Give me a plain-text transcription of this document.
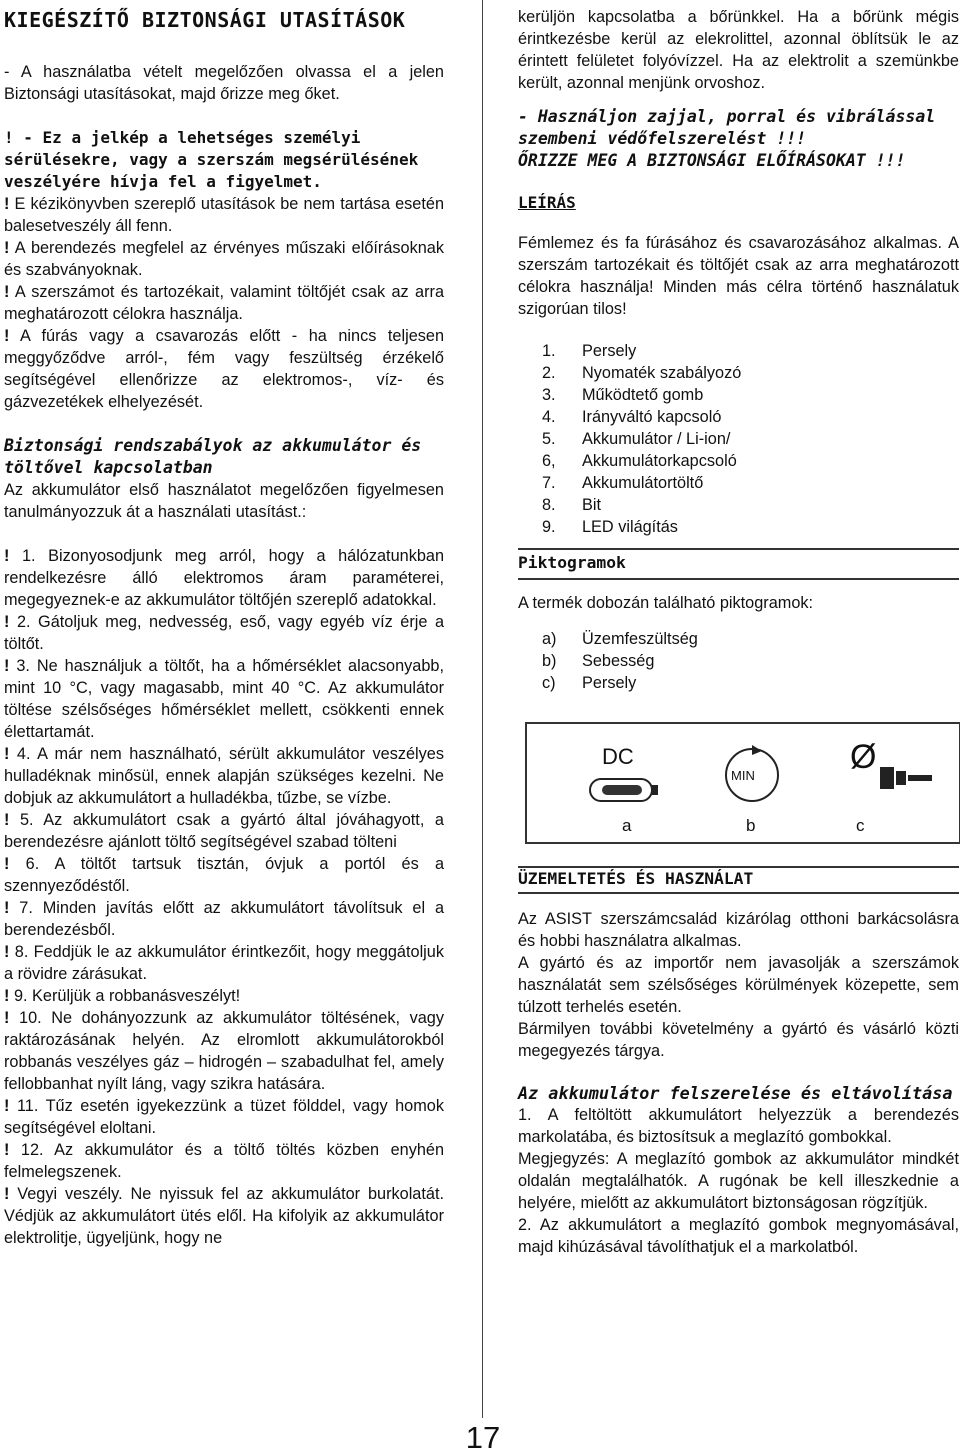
KIEGÉSZÍTŐ BIZTONSÁGI UTASÍTÁSOK

- A használatba vételt megelőzően olvassa el a jelen Biztonsági utasításokat, majd őrizze meg őket.

! - Ez a jelkép a lehetséges személyi sérülésekre, vagy a szerszám megsérülésének veszélyére hívja fel a figyelmet.

! E kézikönyvben szereplő utasítások be nem tartása esetén balesetveszély áll fenn.

! A berendezés megfelel az érvényes műszaki előírásoknak és szabványoknak.

! A szerszámot és tartozékait, valamint töltőjét csak az arra meghatározott célokra használja.

! A fúrás vagy a csavarozás előtt - ha nincs teljesen meggyőződve arról-, fém vagy feszültség érzékelő segítségével ellenőrizze az elektromos-, víz- és gázvezetékek elhelyezését.

Biztonsági rendszabályok az akkumulátor és töltővel kapcsolatban

Az akkumulátor első használatot megelőzően figyelmesen tanulmányozzuk át a használati utasítást.:

! 1. Bizonyosodjunk meg arról, hogy a hálózatunkban rendelkezésre álló elektromos áram paraméterei, megegyeznek-e az akkumulátor töltőjén szereplő adatokkal.

! 2. Gátoljuk meg, nedvesség, eső, vagy egyéb víz érje a töltőt.

! 3. Ne használjuk a töltőt, ha a hőmérséklet alacsonyabb, mint 10 °C, vagy magasabb, mint 40 °C. Az akkumulátor töltése szélsőséges hőmérséklet mellett, csökkenti ennek élettartamát.

! 4. A már nem használható, sérült akkumulátor veszélyes hulladéknak minősül, ennek alapján szükséges kezelni. Ne dobjuk az akkumulátort a hulladékba, tűzbe, se vízbe.

! 5. Az akkumulátort csak a gyártó által jóváhagyott, a berendezésre ajánlott töltő segítségével szabad tölteni

! 6. A töltőt tartsuk tisztán, óvjuk a portól és a szennyeződéstől.

! 7. Minden javítás előtt az akkumulátort távolítsuk el a berendezésből.

! 8. Feddjük le az akkumulátor érintkezőit, hogy meggátoljuk a rövidre zárásukat.

! 9. Kerüljük a robbanásveszélyt!

! 10. Ne dohányozzunk az akkumulátor töltésének, vagy raktározásának helyén. Az elromlott akkumulátorokból robbanás veszélyes gáz – hidrogén – szabadulhat fel, amely fellobbanhat nyílt láng, vagy szikra hatására.

! 11. Tűz esetén igyekezzünk a tüzet földdel, vagy homok segítségével eloltani.

! 12. Az akkumulátor és a töltő töltés közben enyhén felmelegszenek.

! Vegyi veszély. Ne nyissuk fel az akkumulátor burkolatát. Védjük az akkumulátort ütés elől. Ha kifolyik az akkumulátor elektrolitje, ügyeljünk, hogy ne

kerüljön kapcsolatba a bőrünkkel. Ha a bőrünk mégis érintkezésbe kerül az elekrolittel, azonnal öblítsük le az érintett felületet folyóvízzel. Ha az elektrolit a szemünkbe került, azonnal menjünk orvoshoz.

- Használjon zajjal, porral és vibrálással szembeni védőfelszerelést !!!
ŐRIZZE MEG A BIZTONSÁGI ELŐÍRÁSOKAT !!!
LEÍRÁS

Fémlemez és fa fúrásához és csavarozásához alkalmas. A szerszám tartozékait és töltőjét csak az arra meghatározott célokra használja! Minden más célra történő használatuk szigorúan tilos!

1.	Persely
2.	Nyomaték szabályozó
3.	Működtető gomb
4.	Irányváltó kapcsoló
5.	Akkumulátor / Li-ion/
6,	Akkumulátorkapcsoló
7.	Akkumulátortöltő
8.	Bit
9.	LED világítás
Piktogramok

A termék dobozán található piktogramok:

a)	Üzemfeszültség
b)	Sebesség
c)	Persely
DC
MIN	Ø
a	b	c
ÜZEMELTETÉS ÉS HASZNÁLAT

Az ASIST szerszámcsalád kizárólag otthoni barkácsolásra és hobbi használatra alkalmas.

A gyártó és az importőr nem javasolják a szerszámok használatát sem szélsőséges körülmények közepette, sem túlzott terhelés esetén.

Bármilyen további követelmény a gyártó és vásárló közti megegyezés tárgya.

Az akkumulátor felszerelése és eltávolítása

1. A feltöltött akkumulátort helyezzük a berendezés markolatába, és biztosítsuk a meglazító gombokkal.

Megjegyzés: A meglazító gombok az akkumulátor mindkét oldalán megtalálhatók. A rugónak be kell illeszkednie a helyére, mielőtt az akkumulátort biztonságosan rögzítjük.

2. Az akkumulátort a meglazító gombok megnyomásával, majd kihúzásával távolíthatjuk el a markolatból.

17
